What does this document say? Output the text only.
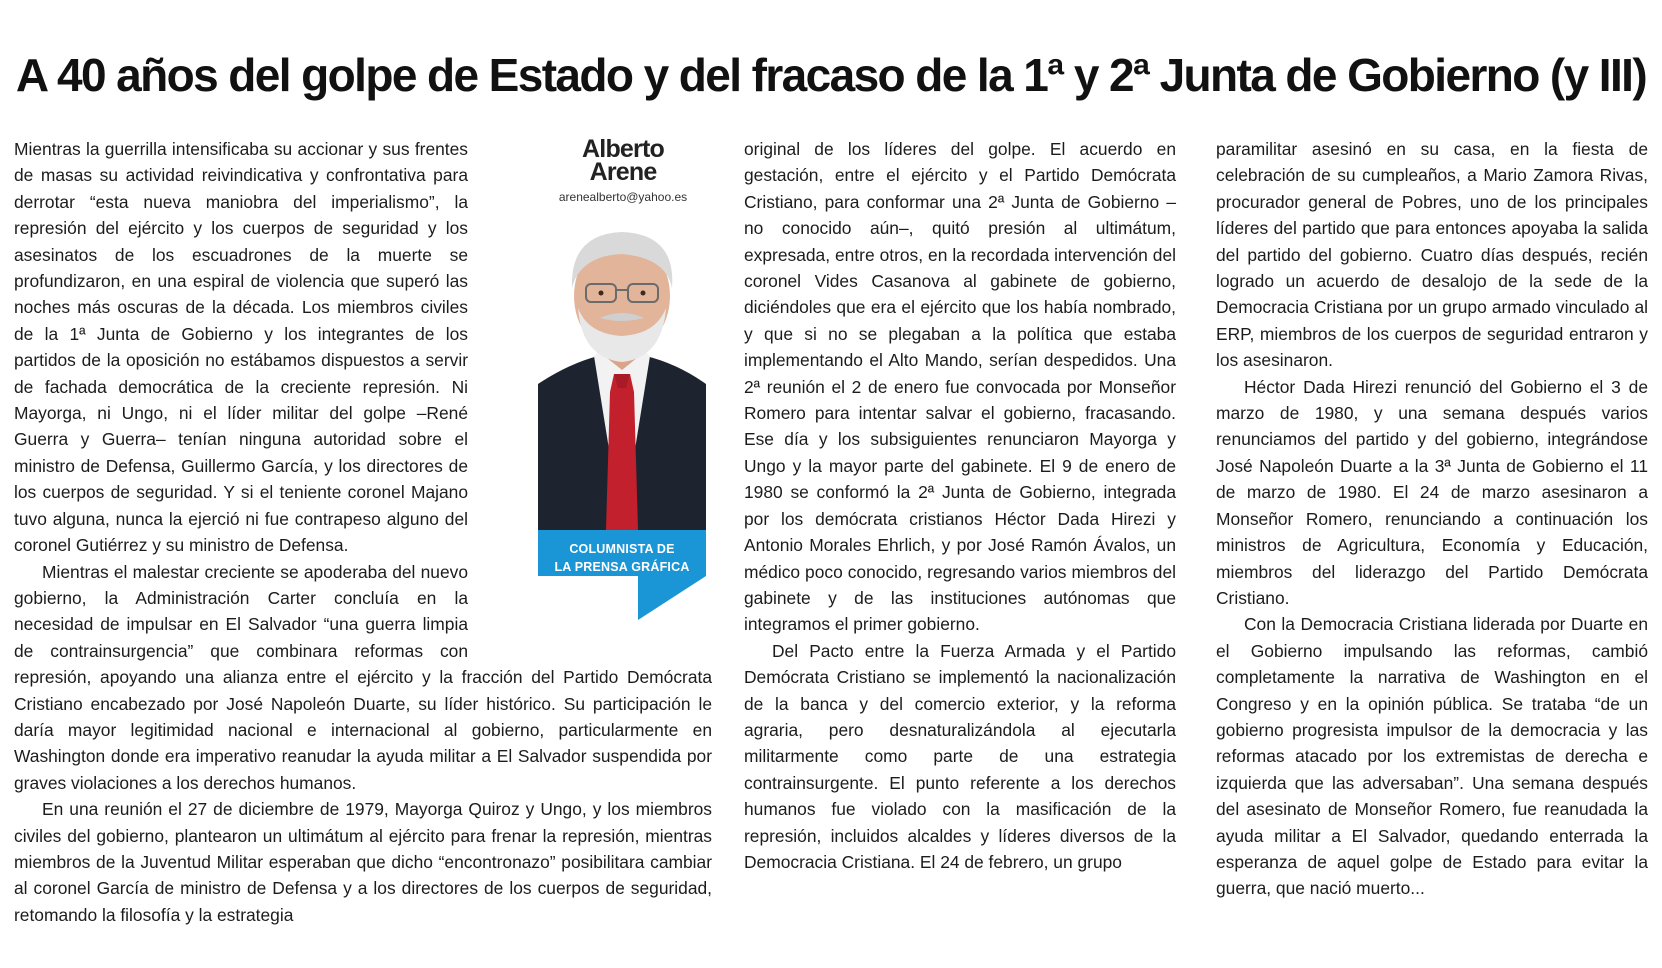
A 40 años del golpe de Estado y del fracaso de la 1ª y 2ª Junta de Gobierno (y III)

Mientras la guerrilla intensificaba su accionar y sus frentes de masas su actividad reivindicativa y confrontativa para derrotar “esta nueva maniobra del imperialismo”, la represión del ejército y los cuerpos de seguridad y los asesinatos de los escuadrones de la muerte se profundizaron, en una espiral de violencia que superó las noches más oscuras de la década. Los miembros civiles de la 1ª Junta de Gobierno y los integrantes de los partidos de la oposición no estábamos dispuestos a servir de fachada democrática de la creciente represión. Ni Mayorga, ni Ungo, ni el líder militar del golpe –René Guerra y Guerra– tenían ninguna autoridad sobre el ministro de Defensa, Guillermo García, y los directores de los cuerpos de seguridad. Y si el teniente coronel Majano tuvo alguna, nunca la ejerció ni fue contrapeso alguno del coronel Gutiérrez y su ministro de Defensa.

Mientras el malestar creciente se apoderaba del nuevo gobierno, la Administración Carter concluía en la necesidad de impulsar en El Salvador “una guerra limpia de contrainsurgencia” que combinara reformas con represión, apoyando una alianza entre el ejército y la fracción del Partido Demócrata Cristiano encabezado por José Napoleón Duarte, su líder histórico. Su participación le daría mayor legitimidad nacional e internacional al gobierno, particularmente en Washington donde era imperativo reanudar la ayuda militar a El Salvador suspendida por graves violaciones a los derechos humanos.

En una reunión el 27 de diciembre de 1979, Mayorga Quiroz y Ungo, y los miembros civiles del gobierno, plantearon un ultimátum al ejército para frenar la represión, mientras miembros de la Juventud Militar esperaban que dicho “encontronazo” posibilitara cambiar al coronel García de ministro de Defensa y a los directores de los cuerpos de seguridad, retomando la filosofía y la estrategia

Alberto
Arene
arenealberto@yahoo.es
COLUMNISTA DE
LA PRENSA GRÁFICA

original de los líderes del golpe. El acuerdo en gestación, entre el ejército y el Partido Demócrata Cristiano, para conformar una 2ª Junta de Gobierno –no conocido aún–, quitó presión al ultimátum, expresada, entre otros, en la recordada intervención del coronel Vides Casanova al gabinete de gobierno, diciéndoles que era el ejército que los había nombrado, y que si no se plegaban a la política que estaba implementando el Alto Mando, serían despedidos. Una 2ª reunión el 2 de enero fue convocada por Monseñor Romero para intentar salvar el gobierno, fracasando. Ese día y los subsiguientes renunciaron Mayorga y Ungo y la mayor parte del gabinete. El 9 de enero de 1980 se conformó la 2ª Junta de Gobierno, integrada por los demócrata cristianos Héctor Dada Hirezi y Antonio Morales Ehrlich, y por José Ramón Ávalos, un médico poco conocido, regresando varios miembros del gabinete y de las instituciones autónomas que integramos el primer gobierno.

Del Pacto entre la Fuerza Armada y el Partido Demócrata Cristiano se implementó la nacionalización de la banca y del comercio exterior, y la reforma agraria, pero desnaturalizándola al ejecutarla militarmente como parte de una estrategia contrainsurgente. El punto referente a los derechos humanos fue violado con la masificación de la represión, incluidos alcaldes y líderes diversos de la Democracia Cristiana. El 24 de febrero, un grupo

paramilitar asesinó en su casa, en la fiesta de celebración de su cumpleaños, a Mario Zamora Rivas, procurador general de Pobres, uno de los principales líderes del partido que para entonces apoyaba la salida del partido del gobierno. Cuatro días después, recién logrado un acuerdo de desalojo de la sede de la Democracia Cristiana por un grupo armado vinculado al ERP, miembros de los cuerpos de seguridad entraron y los asesinaron.

Héctor Dada Hirezi renunció del Gobierno el 3 de marzo de 1980, y una semana después varios renunciamos del partido y del gobierno, integrándose José Napoleón Duarte a la 3ª Junta de Gobierno el 11 de marzo de 1980. El 24 de marzo asesinaron a Monseñor Romero, renunciando a continuación los ministros de Agricultura, Economía y Educación, miembros del liderazgo del Partido Demócrata Cristiano.

Con la Democracia Cristiana liderada por Duarte en el Gobierno impulsando las reformas, cambió completamente la narrativa de Washington en el Congreso y en la opinión pública. Se trataba “de un gobierno progresista impulsor de la democracia y las reformas atacado por los extremistas de derecha e izquierda que las adversaban”. Una semana después del asesinato de Monseñor Romero, fue reanudada la ayuda militar a El Salvador, quedando enterrada la esperanza de aquel golpe de Estado para evitar la guerra, que nació muerto...
